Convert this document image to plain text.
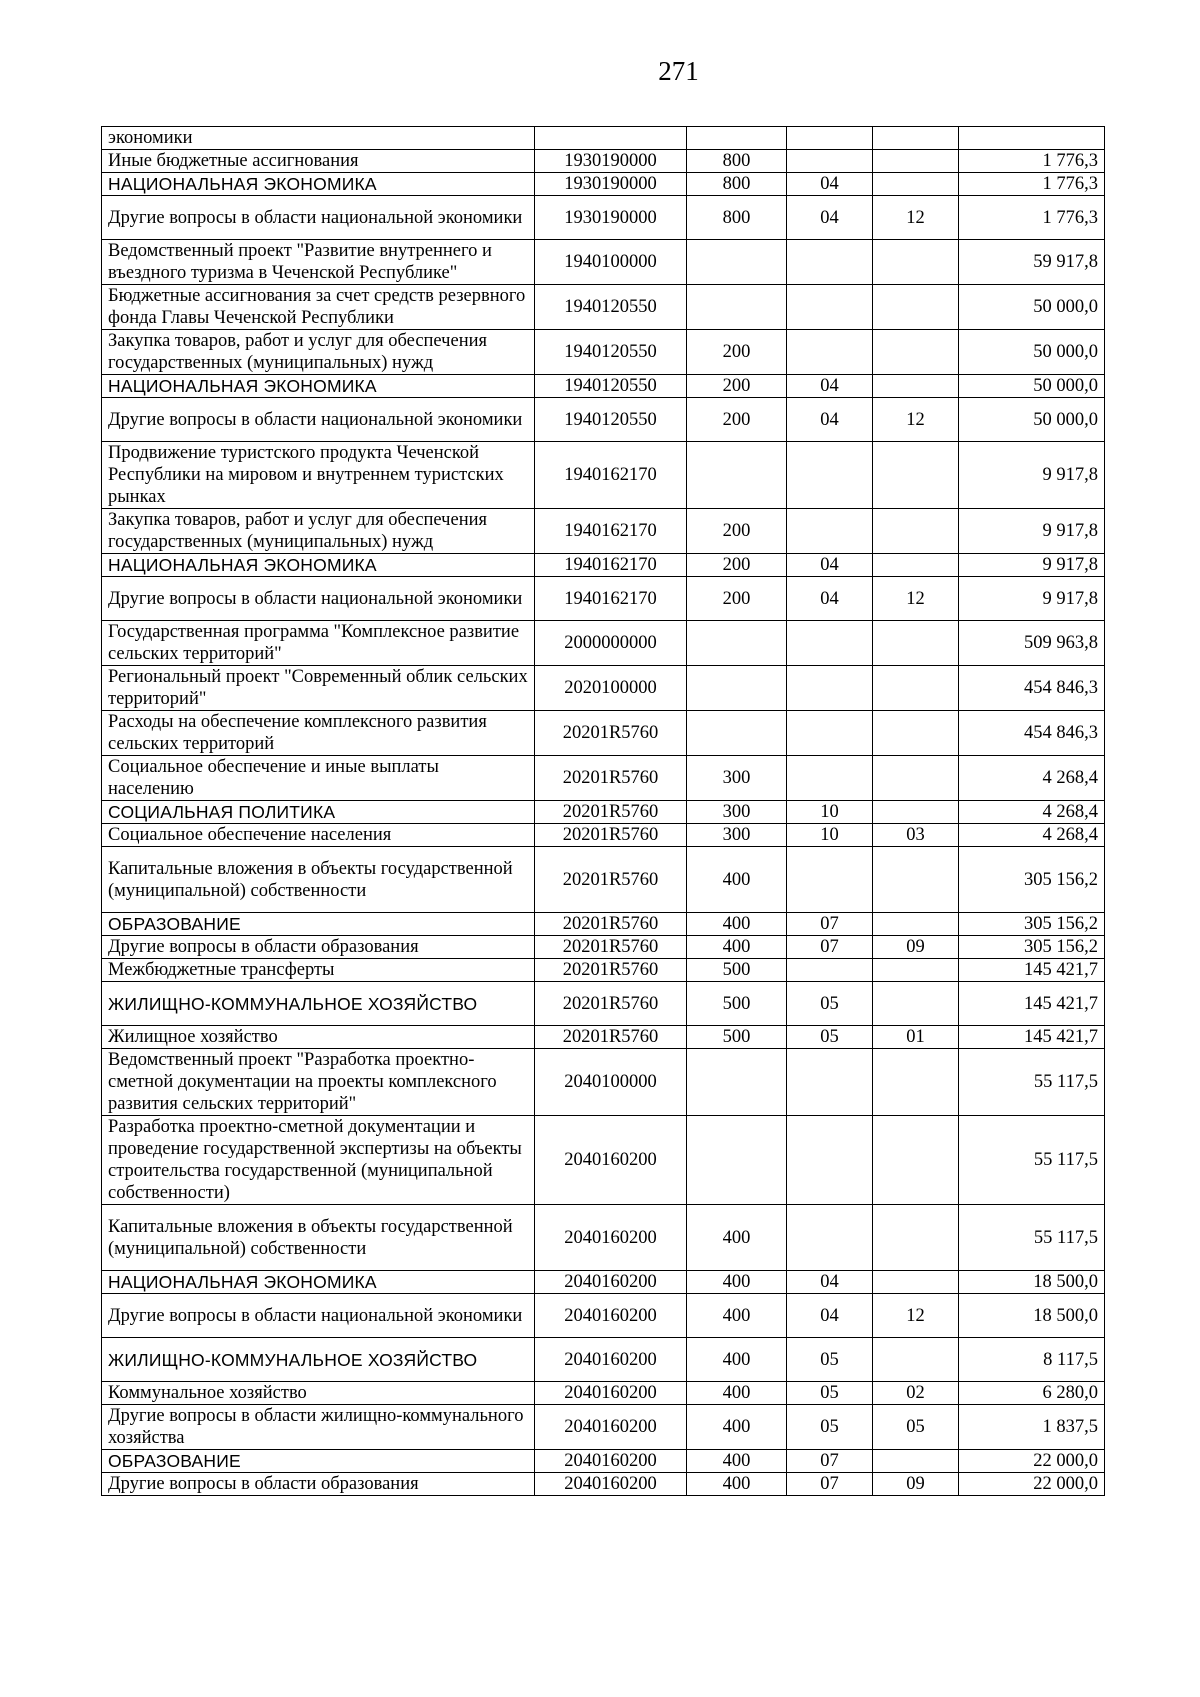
271
экономики					
Иные бюджетные ассигнования	1930190000	800			1 776,3
НАЦИОНАЛЬНАЯ ЭКОНОМИКА	1930190000	800	04		1 776,3
Другие вопросы в области национальной экономики	1930190000	800	04	12	1 776,3
Ведомственный проект "Развитие внутреннего и въездного туризма в Чеченской Республике"	1940100000				59 917,8
Бюджетные ассигнования за счет средств резервного фонда Главы Чеченской Республики	1940120550				50 000,0
Закупка товаров, работ и услуг для обеспечения государственных (муниципальных) нужд	1940120550	200			50 000,0
НАЦИОНАЛЬНАЯ ЭКОНОМИКА	1940120550	200	04		50 000,0
Другие вопросы в области национальной экономики	1940120550	200	04	12	50 000,0
Продвижение туристского продукта Чеченской Республики на мировом и внутреннем туристских рынках	1940162170				9 917,8
Закупка товаров, работ и услуг для обеспечения государственных (муниципальных) нужд	1940162170	200			9 917,8
НАЦИОНАЛЬНАЯ ЭКОНОМИКА	1940162170	200	04		9 917,8
Другие вопросы в области национальной экономики	1940162170	200	04	12	9 917,8
Государственная программа "Комплексное развитие сельских территорий"	2000000000				509 963,8
Региональный проект "Современный облик сельских территорий"	2020100000				454 846,3
Расходы на обеспечение комплексного развития сельских территорий	20201R5760				454 846,3
Социальное обеспечение и иные выплаты населению	20201R5760	300			4 268,4
СОЦИАЛЬНАЯ ПОЛИТИКА	20201R5760	300	10		4 268,4
Социальное обеспечение населения	20201R5760	300	10	03	4 268,4
Капитальные вложения в объекты государственной (муниципальной) собственности	20201R5760	400			305 156,2
ОБРАЗОВАНИЕ	20201R5760	400	07		305 156,2
Другие вопросы в области образования	20201R5760	400	07	09	305 156,2
Межбюджетные трансферты	20201R5760	500			145 421,7
ЖИЛИЩНО-КОММУНАЛЬНОЕ ХОЗЯЙСТВО	20201R5760	500	05		145 421,7
Жилищное хозяйство	20201R5760	500	05	01	145 421,7
Ведомственный проект "Разработка проектно-сметной документации на проекты комплексного развития сельских территорий"	2040100000				55 117,5
Разработка проектно-сметной документации и проведение государственной экспертизы на объекты строительства государственной (муниципальной собственности)	2040160200				55 117,5
Капитальные вложения в объекты государственной (муниципальной) собственности	2040160200	400			55 117,5
НАЦИОНАЛЬНАЯ ЭКОНОМИКА	2040160200	400	04		18 500,0
Другие вопросы в области национальной экономики	2040160200	400	04	12	18 500,0
ЖИЛИЩНО-КОММУНАЛЬНОЕ ХОЗЯЙСТВО	2040160200	400	05		8 117,5
Коммунальное хозяйство	2040160200	400	05	02	6 280,0
Другие вопросы в области жилищно-коммунального хозяйства	2040160200	400	05	05	1 837,5
ОБРАЗОВАНИЕ	2040160200	400	07		22 000,0
Другие вопросы в области образования	2040160200	400	07	09	22 000,0
